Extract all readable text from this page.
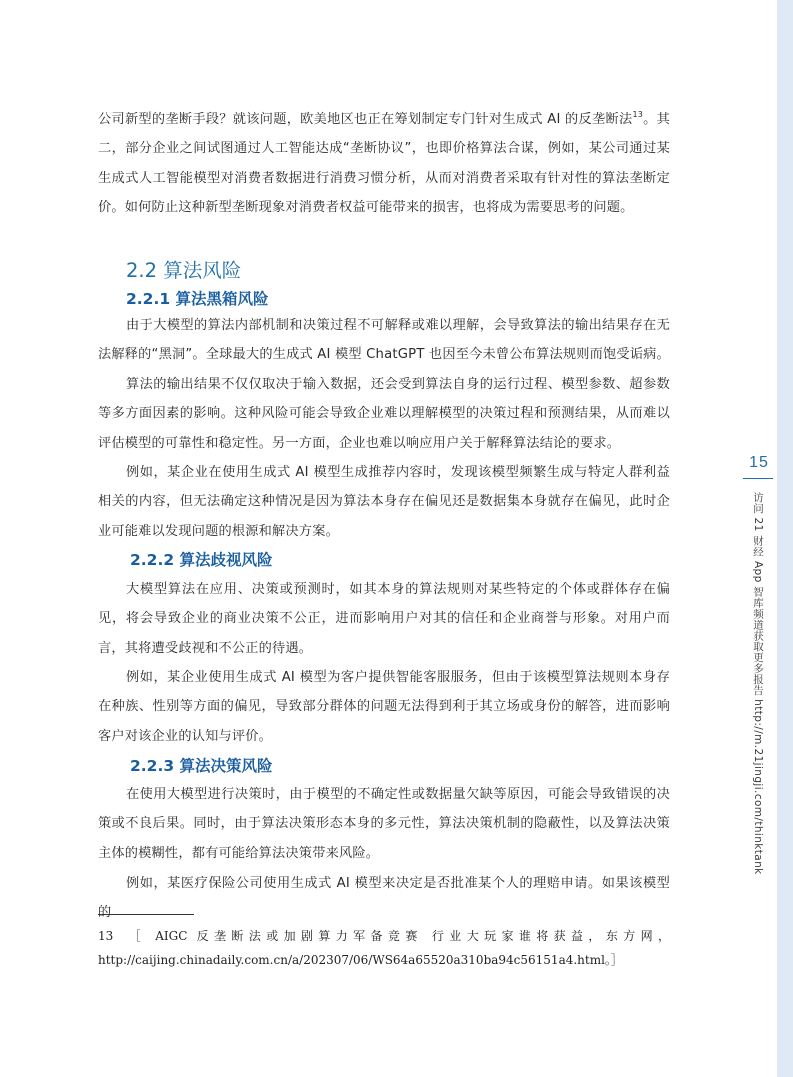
公司新型的垄断手段？就该问题，欧美地区也正在筹划制定专门针对生成式 AI 的反垄断法$^{13}$。其二，部分企业之间试图通过人工智能达成“垄断协议”，也即价格算法合谋，例如，某公司通过某生成式人工智能模型对消费者数据进行消费习惯分析，从而对消费者采取有针对性的算法垄断定价。如何防止这种新型垄断现象对消费者权益可能带来的损害，也将成为需要思考的问题。

2.2 算法风险
2.2.1 算法黑箱风险

由于大模型的算法内部机制和决策过程不可解释或难以理解，会导致算法的输出结果存在无法解释的“黑洞”。全球最大的生成式 AI 模型 ChatGPT 也因至今未曾公布算法规则而饱受诟病。

算法的输出结果不仅仅取决于输入数据，还会受到算法自身的运行过程、模型参数、超参数等多方面因素的影响。这种风险可能会导致企业难以理解模型的决策过程和预测结果，从而难以评估模型的可靠性和稳定性。另一方面，企业也难以响应用户关于解释算法结论的要求。

例如，某企业在使用生成式 AI 模型生成推荐内容时，发现该模型频繁生成与特定人群利益相关的内容，但无法确定这种情况是因为算法本身存在偏见还是数据集本身就存在偏见，此时企业可能难以发现问题的根源和解决方案。

2.2.2 算法歧视风险

大模型算法在应用、决策或预测时，如其本身的算法规则对某些特定的个体或群体存在偏见，将会导致企业的商业决策不公正，进而影响用户对其的信任和企业商誉与形象。对用户而言，其将遭受歧视和不公正的待遇。

例如，某企业使用生成式 AI 模型为客户提供智能客服服务，但由于该模型算法规则本身存在种族、性别等方面的偏见，导致部分群体的问题无法得到利于其立场或身份的解答，进而影响客户对该企业的认知与评价。

2.2.3 算法决策风险

在使用大模型进行决策时，由于模型的不确定性或数据量欠缺等原因，可能会导致错误的决策或不良后果。同时，由于算法决策形态本身的多元性，算法决策机制的隐蔽性，以及算法决策主体的模糊性，都有可能给算法决策带来风险。

例如，某医疗保险公司使用生成式 AI 模型来决定是否批准某个人的理赔申请。如果该模型的

13 ［ AIGC 反垄断法或加剧算力军备竞赛 行业大玩家谁将获益，东方网，http://caijing.chinadaily.com.cn/a/202307/06/WS64a65520a310ba94c56151a4.html。］

15
访问 21 财经 App 智库频道获取更多报告 http://m.21jingji.com/thinktank
